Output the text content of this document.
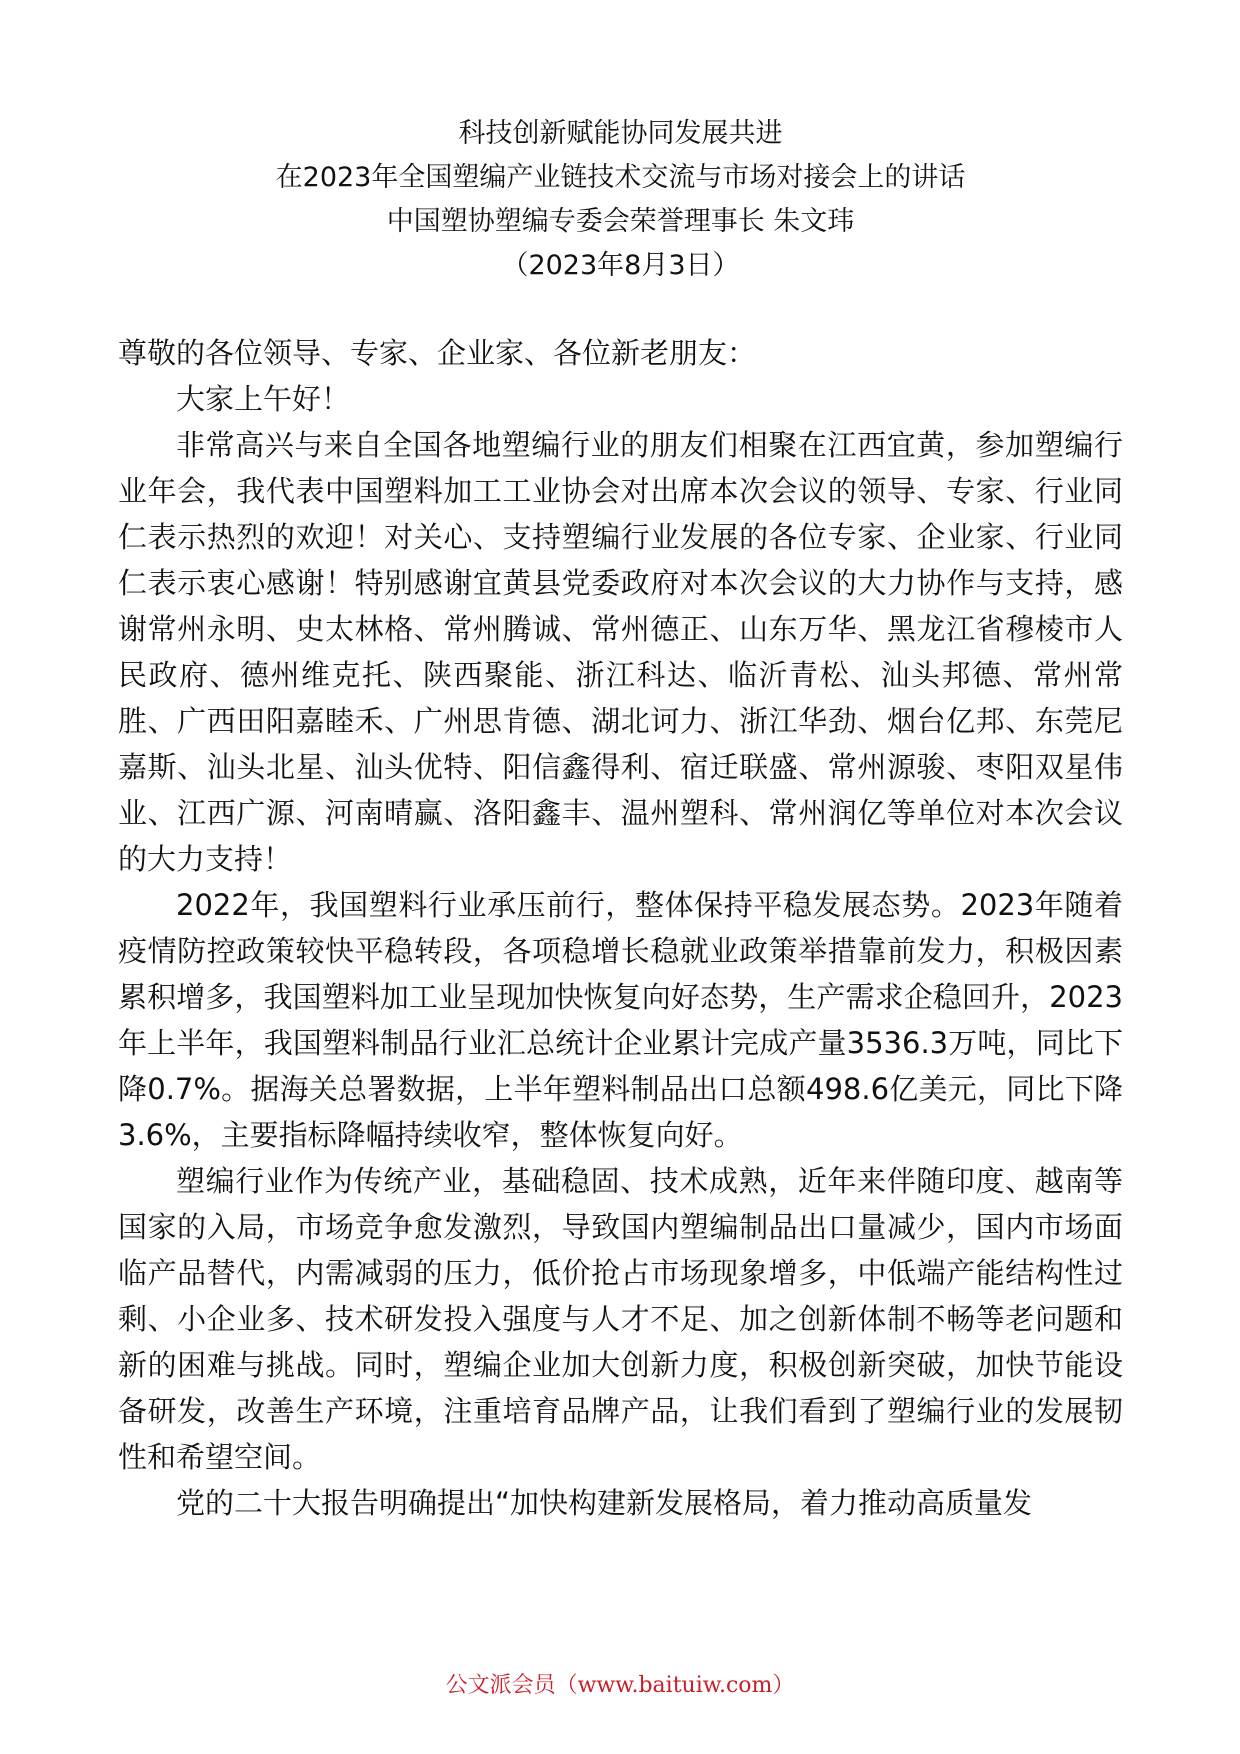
科技创新赋能协同发展共进
在2023年全国塑编产业链技术交流与市场对接会上的讲话
中国塑协塑编专委会荣誉理事长 朱文玮
（2023年8月3日）

尊敬的各位领导、专家、企业家、各位新老朋友：

大家上午好！

非常高兴与来自全国各地塑编行业的朋友们相聚在江西宜黄，参加塑编行业年会，我代表中国塑料加工工业协会对出席本次会议的领导、专家、行业同仁表示热烈的欢迎！对关心、支持塑编行业发展的各位专家、企业家、行业同仁表示衷心感谢！特别感谢宜黄县党委政府对本次会议的大力协作与支持，感谢常州永明、史太林格、常州腾诚、常州德正、山东万华、黑龙江省穆棱市人民政府、德州维克托、陕西聚能、浙江科达、临沂青松、汕头邦德、常州常胜、广西田阳嘉睦禾、广州思肯德、湖北诃力、浙江华劲、烟台亿邦、东莞尼嘉斯、汕头北星、汕头优特、阳信鑫得利、宿迁联盛、常州源骏、枣阳双星伟业、江西广源、河南晴赢、洛阳鑫丰、温州塑科、常州润亿等单位对本次会议的大力支持！

2022年，我国塑料行业承压前行，整体保持平稳发展态势。2023年随着疫情防控政策较快平稳转段，各项稳增长稳就业政策举措靠前发力，积极因素累积增多，我国塑料加工业呈现加快恢复向好态势，生产需求企稳回升，2023年上半年，我国塑料制品行业汇总统计企业累计完成产量3536.3万吨，同比下降0.7%。据海关总署数据，上半年塑料制品出口总额498.6亿美元，同比下降3.6%，主要指标降幅持续收窄，整体恢复向好。

塑编行业作为传统产业，基础稳固、技术成熟，近年来伴随印度、越南等国家的入局，市场竞争愈发激烈，导致国内塑编制品出口量减少，国内市场面临产品替代，内需减弱的压力，低价抢占市场现象增多，中低端产能结构性过剩、小企业多、技术研发投入强度与人才不足、加之创新体制不畅等老问题和新的困难与挑战。同时，塑编企业加大创新力度，积极创新突破，加快节能设备研发，改善生产环境，注重培育品牌产品，让我们看到了塑编行业的发展韧性和希望空间。

党的二十大报告明确提出“加快构建新发展格局，着力推动高质量发

公文派会员（www.baituiw.com）
